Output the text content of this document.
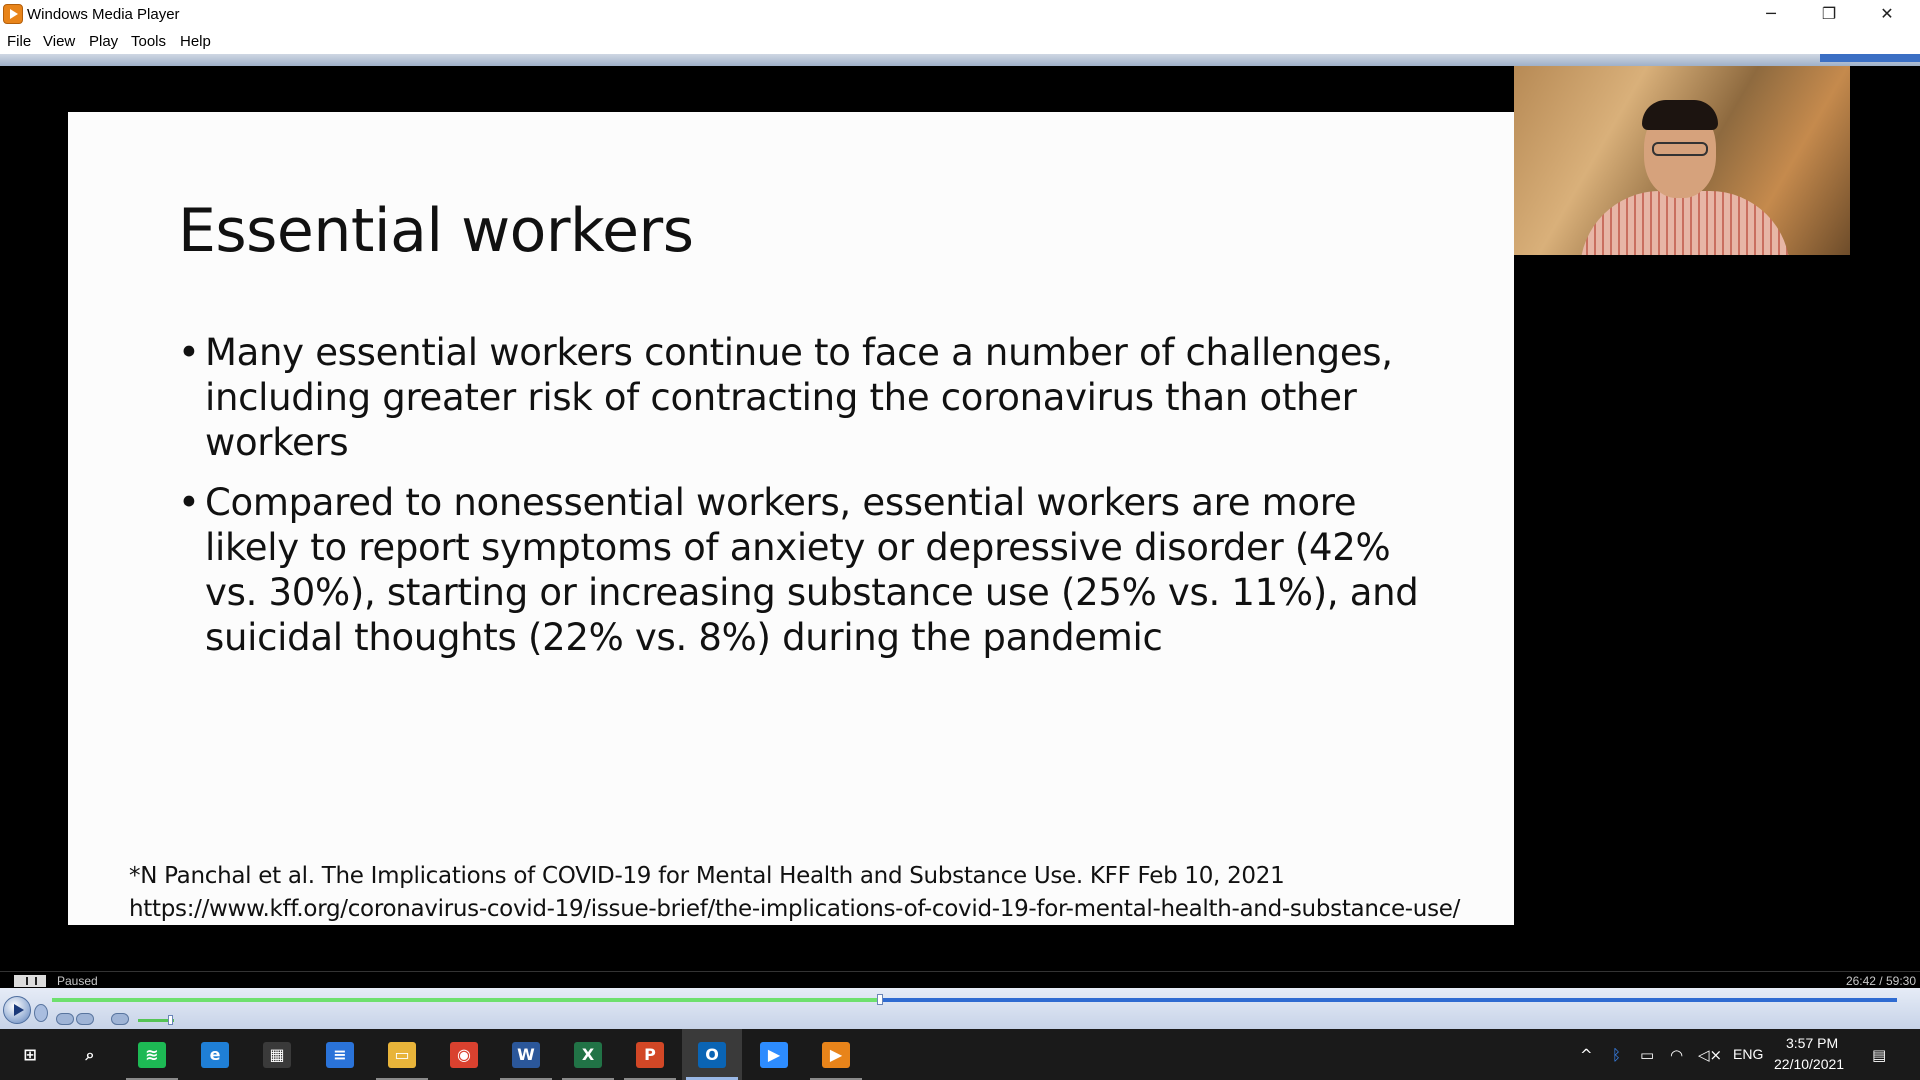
Windows Media Player	─	❐	✕
File View Play Tools Help
Essential workers
• Many essential workers continue to face a number of challenges, including greater risk of contracting the coronavirus than other workers
• Compared to nonessential workers, essential workers are more likely to report symptoms of anxiety or depressive disorder (42% vs. 30%), starting or increasing substance use (25% vs. 11%), and suicidal thoughts (22% vs. 8%) during the pandemic
*N Panchal et al. The Implications of COVID-19 for Mental Health and Substance Use. KFF Feb 10, 2021
https://www.kff.org/coronavirus-covid-19/issue-brief/the-implications-of-covid-19-for-mental-health-and-substance-use/
Paused	26:42 / 59:30
⊞	⌕	≋	e	▦	≡	▭	◉	W	X	P	O	▶	▶	^ ᛒ ▭ ◠ ◁× ENG
3:57 PM
22/10/2021 ▤
